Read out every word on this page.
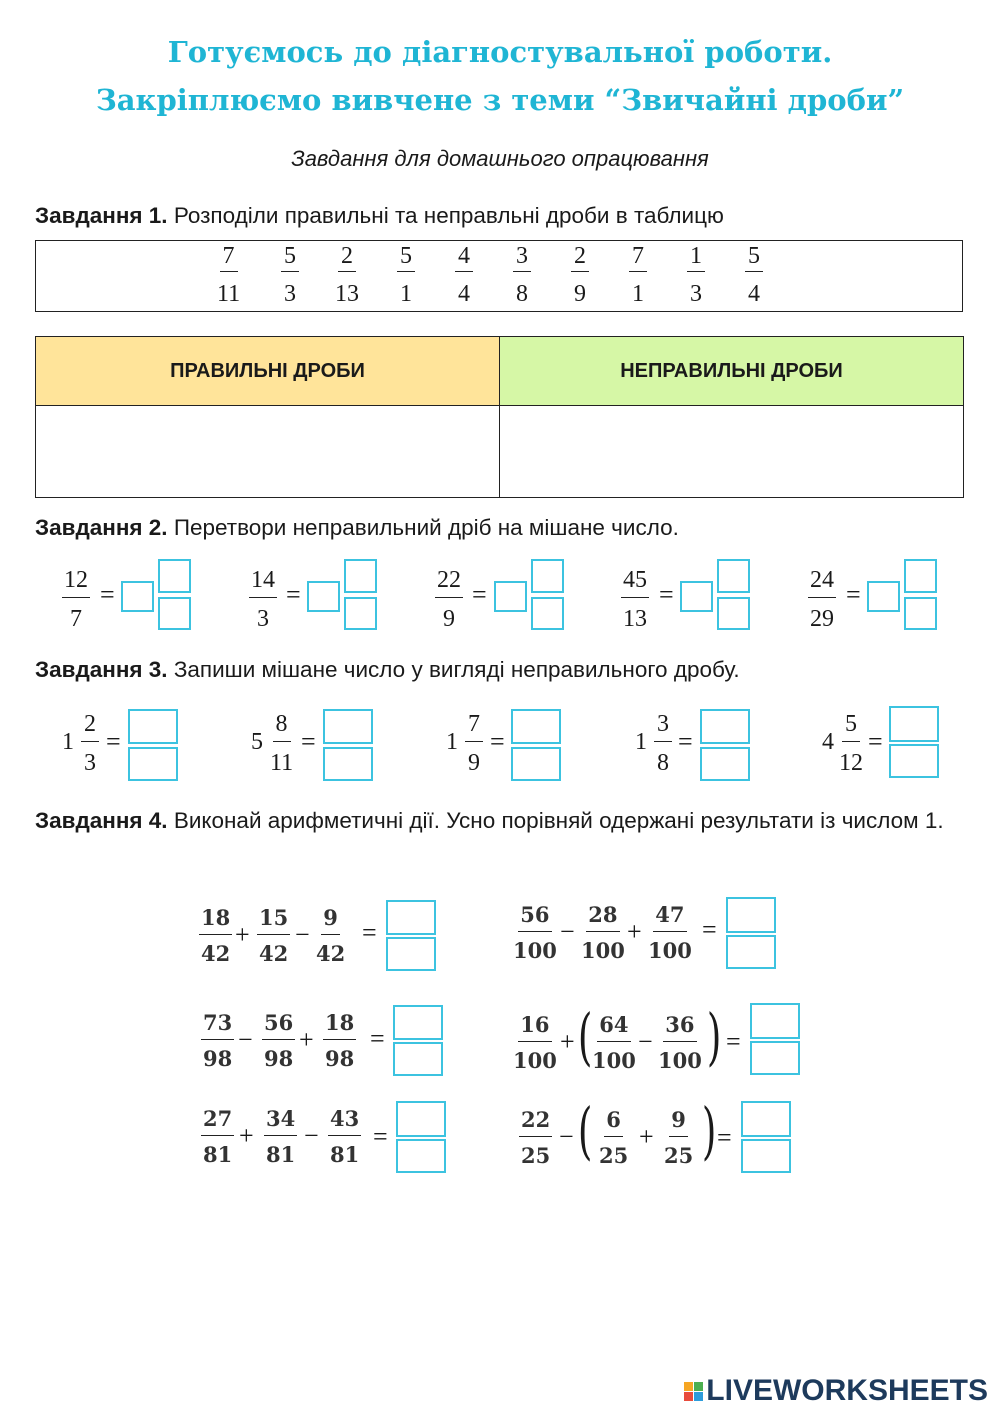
Готуємось до діагностувальної роботи.
Закріплюємо вивчене з теми “Звичайні дроби”
Завдання для домашнього опрацювання

Завдання 1. Розподіли правильні та неправльні дроби в таблицю

$\frac{7}{11} \frac{5}{3} \frac{2}{13} \frac{5}{1} \frac{4}{4} \frac{3}{8} \frac{2}{9} \frac{7}{1} \frac{1}{3} \frac{5}{4}$
ПРАВИЛЬНІ ДРОБИ	НЕПРАВИЛЬНІ ДРОБИ

Завдання 2. Перетвори неправильний дріб на мішане число.

$\frac{12}{7}$ =	$\frac{14}{3}$ =	$\frac{22}{9}$ =	$\frac{45}{13}$ =	$\frac{24}{29}$ =

Завдання 3. Запиши мішане число у вигляді неправильного дробу.

$1 \frac{2}{3}$ =	$5 \frac{8}{11}$ =	$1 \frac{7}{9}$ =	$1 \frac{3}{8}$ =	$4 \frac{5}{12}$ =

Завдання 4. Виконай арифметичні дії. Усно порівняй одержані результати із числом 1.

$\frac{18}{42} + \frac{15}{42} - \frac{9}{42}$ =	$\frac{56}{100} - \frac{28}{100} + \frac{47}{100}$ =
$\frac{73}{98} - \frac{56}{98} + \frac{18}{98}$ =	$\frac{16}{100}$ + ( $\frac{64}{100} - \frac{36}{100}$ ) =
$\frac{27}{81} + \frac{34}{81} - \frac{43}{81}$ =	$\frac{22}{25}$ − ( $\frac{6}{25} + \frac{9}{25}$ ) =
LIVEWORKSHEETS
